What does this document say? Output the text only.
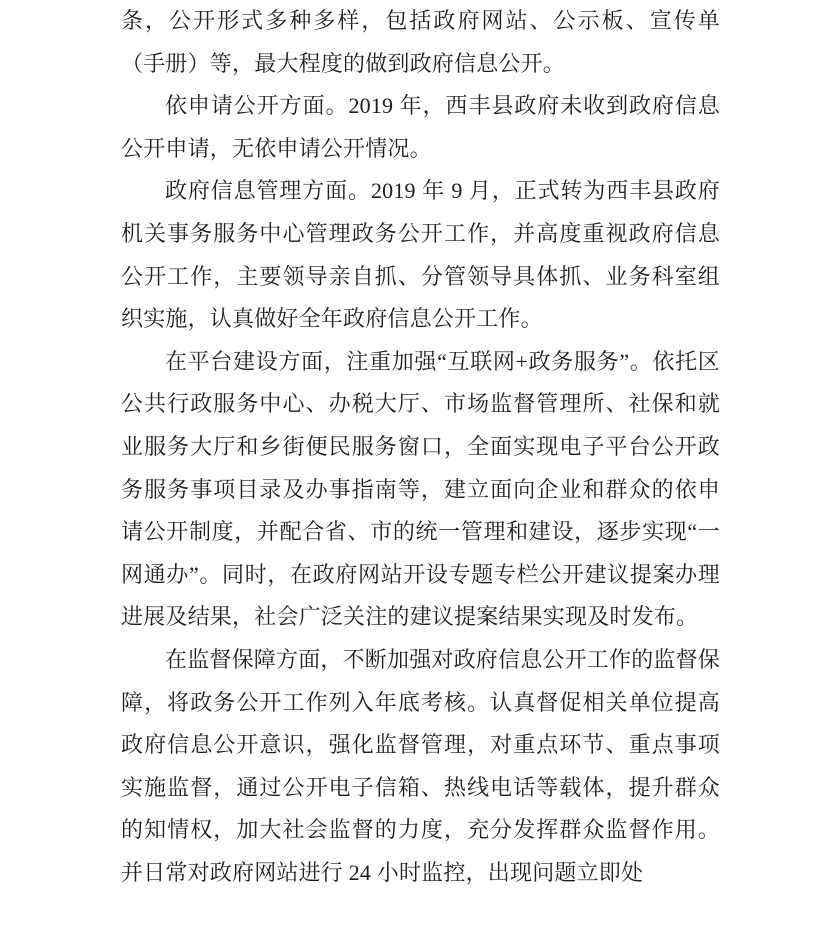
条，公开形式多种多样，包括政府网站、公示板、宣传单（手册）等，最大程度的做到政府信息公开。

依申请公开方面。2019 年，西丰县政府未收到政府信息公开申请，无依申请公开情况。

政府信息管理方面。2019 年 9 月，正式转为西丰县政府机关事务服务中心管理政务公开工作，并高度重视政府信息公开工作，主要领导亲自抓、分管领导具体抓、业务科室组织实施，认真做好全年政府信息公开工作。

在平台建设方面，注重加强“互联网+政务服务”。依托区公共行政服务中心、办税大厅、市场监督管理所、社保和就业服务大厅和乡街便民服务窗口，全面实现电子平台公开政务服务事项目录及办事指南等，建立面向企业和群众的依申请公开制度，并配合省、市的统一管理和建设，逐步实现“一网通办”。同时，在政府网站开设专题专栏公开建议提案办理进展及结果，社会广泛关注的建议提案结果实现及时发布。

在监督保障方面，不断加强对政府信息公开工作的监督保障，将政务公开工作列入年底考核。认真督促相关单位提高政府信息公开意识，强化监督管理，对重点环节、重点事项实施监督，通过公开电子信箱、热线电话等载体，提升群众的知情权，加大社会监督的力度，充分发挥群众监督作用。 并日常对政府网站进行 24 小时监控，出现问题立即处
